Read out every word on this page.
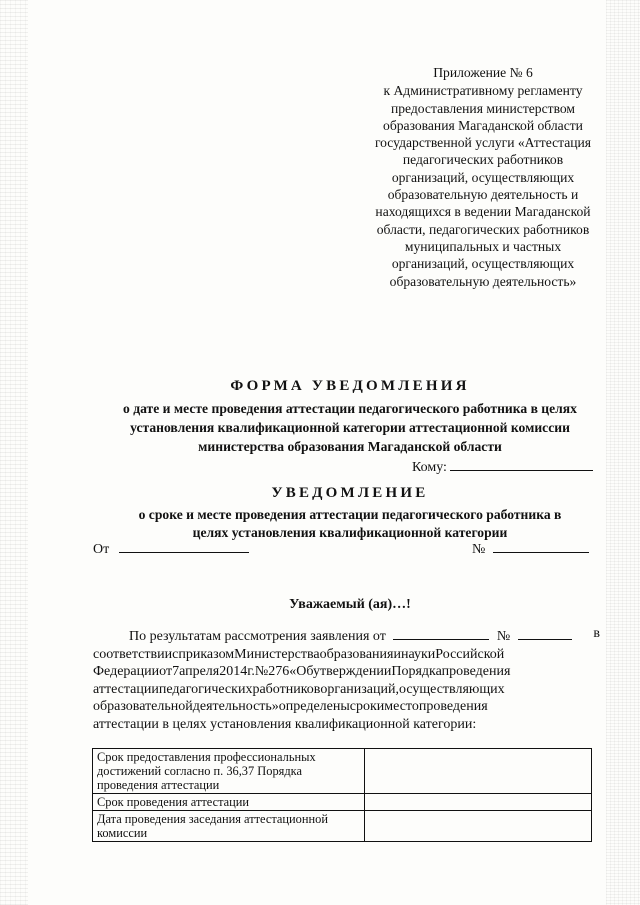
Приложение № 6
к Административному регламенту
предоставления министерством
образования Магаданской области
государственной услуги «Аттестация
педагогических работников
организаций, осуществляющих
образовательную деятельность и
находящихся в ведении Магаданской
области, педагогических работников
муниципальных и частных
организаций, осуществляющих
образовательную деятельность»
ФОРМА УВЕДОМЛЕНИЯ
о дате и месте проведения аттестации педагогического работника в целях
установления квалификационной категории аттестационной комиссии
министерства образования Магаданской области
Кому:
УВЕДОМЛЕНИЕ
о сроке и месте проведения аттестации педагогического работника в
целях установления квалификационной категории
От	№
Уважаемый (ая)…!
По результатам рассмотрения заявления от	№	в
соответствиисприказомМинистерстваобразованияинаукиРоссийской
Федерацииот7апреля2014г.№276«ОбутвержденииПорядкапроведения
аттестациипедагогическихработниковорганизаций,осуществляющих
образовательнойдеятельность»определенысрокиместопроведения
аттестации в целях установления квалификационной категории:
Срок предоставления профессиональных достижений согласно п. 36,37 Порядка проведения аттестации	
Срок проведения аттестации	
Дата проведения заседания аттестационной комиссии	
